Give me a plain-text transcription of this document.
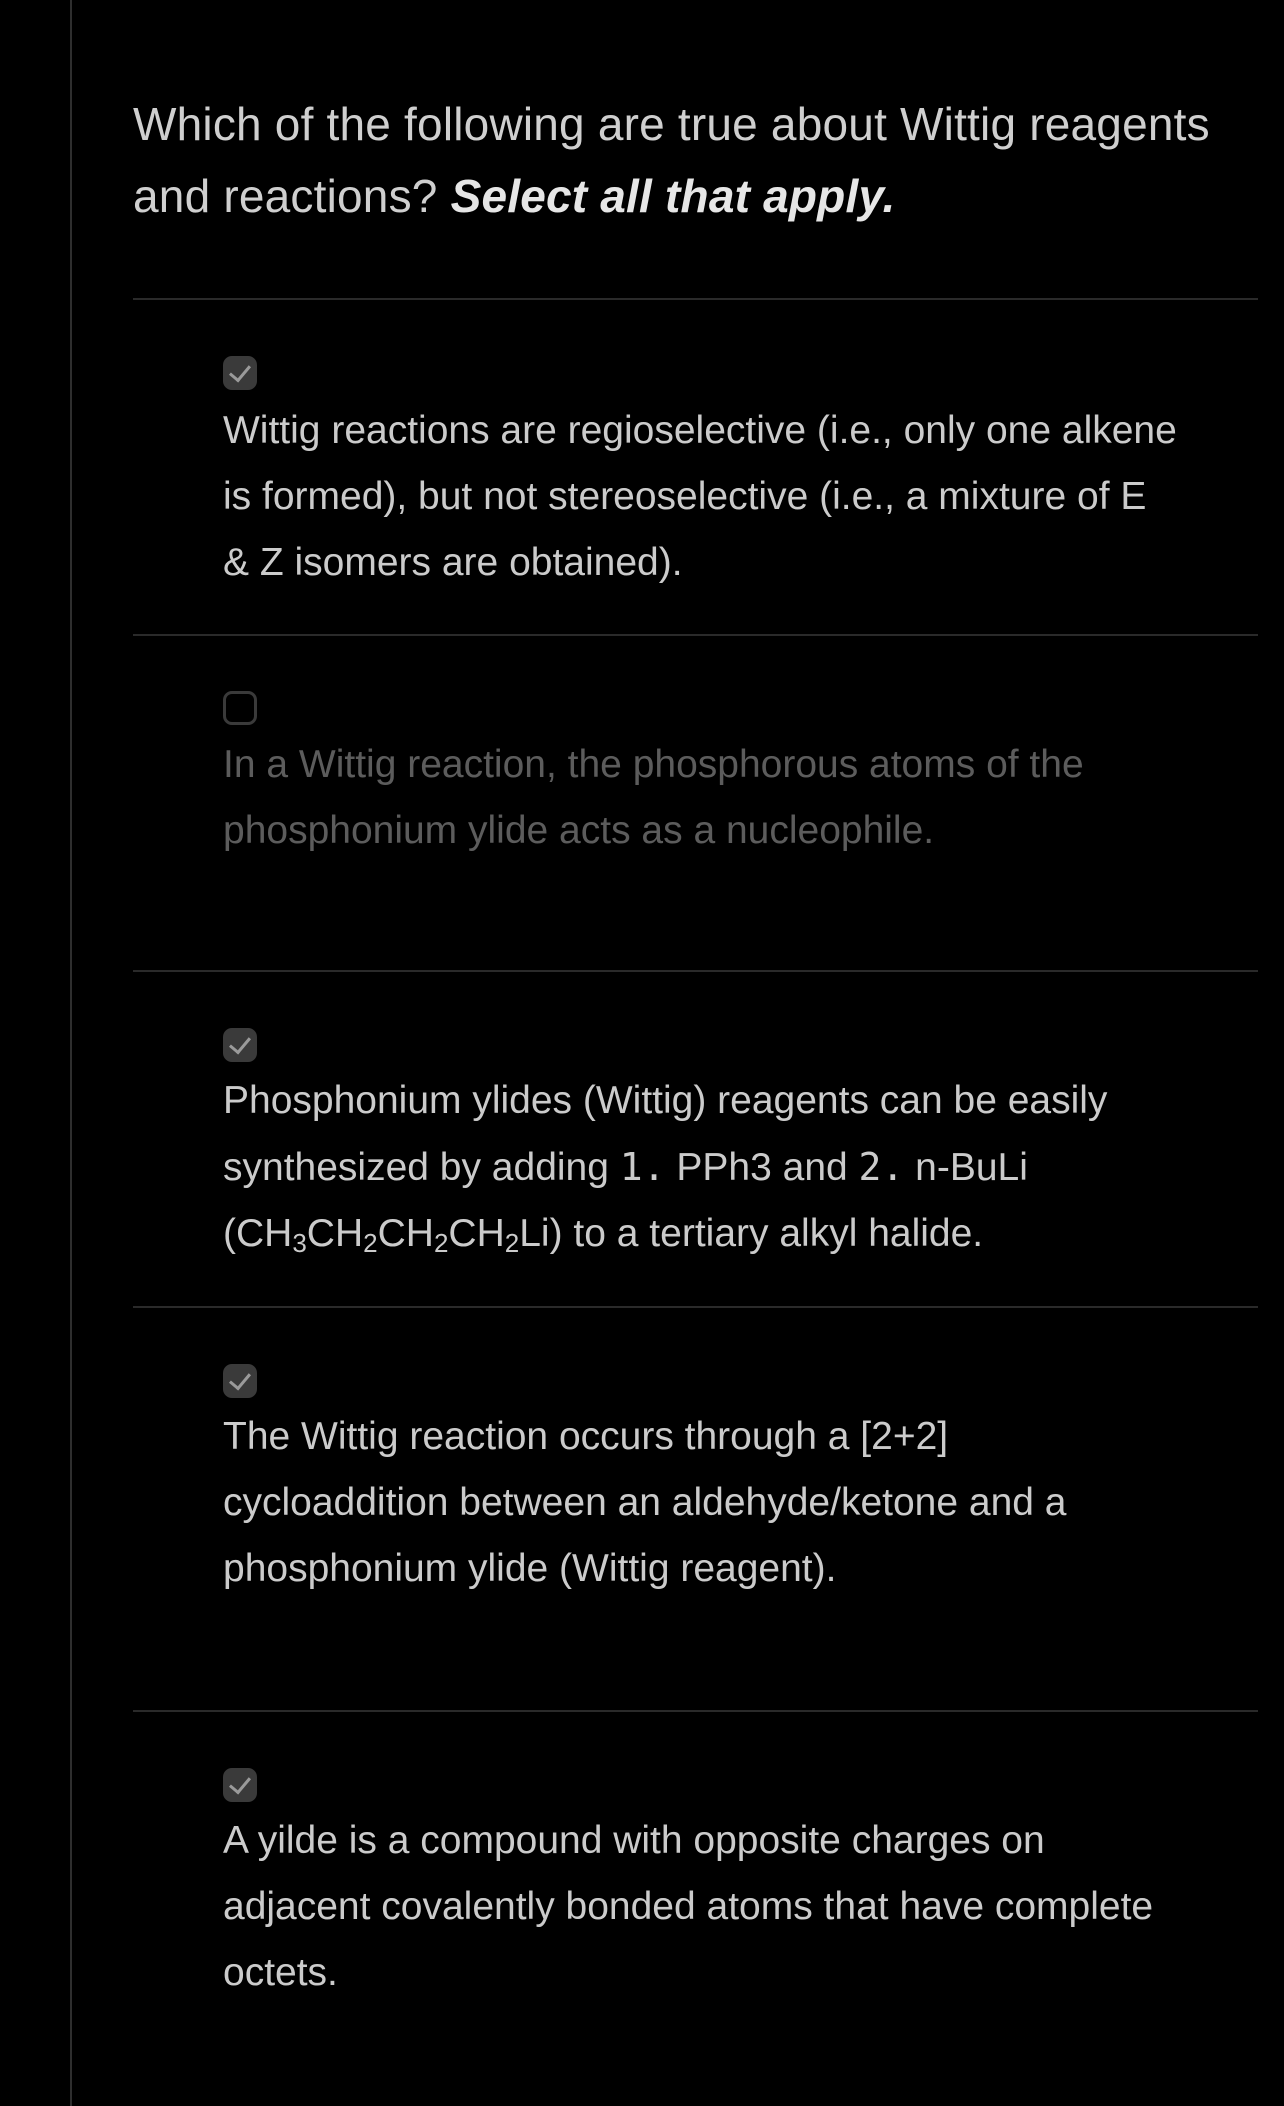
Which of the following are true about Wittig reagents and reactions? Select all that apply.
Wittig reactions are regioselective (i.e., only one alkene is formed), but not stereoselective (i.e., a mixture of E & Z isomers are obtained).
In a Wittig reaction, the phosphorous atoms of the phosphonium ylide acts as a nucleophile.
Phosphonium ylides (Wittig) reagents can be easily synthesized by adding 1. PPh3 and 2. n-BuLi $(CH_3CH_2CH_2CH_2Li)$ to a tertiary alkyl halide.
The Wittig reaction occurs through a [2+2] cycloaddition between an aldehyde/ketone and a phosphonium ylide (Wittig reagent).
A yilde is a compound with opposite charges on adjacent covalently bonded atoms that have complete octets.
